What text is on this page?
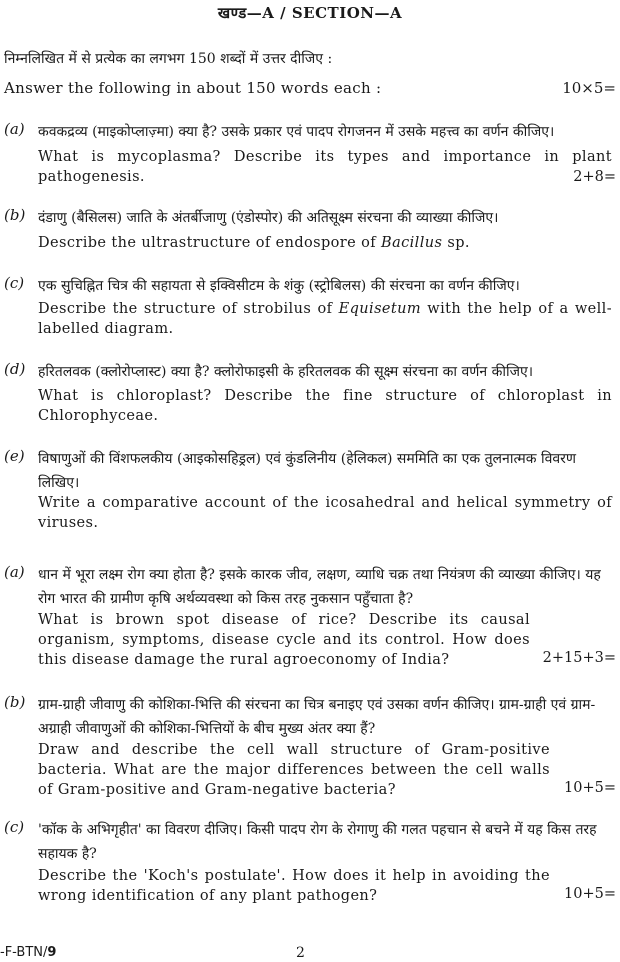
खण्ड—A / SECTION—A
निम्नलिखित में से प्रत्येक का लगभग 150 शब्दों में उत्तर दीजिए :
Answer the following in about 150 words each :	10×5=
(a) कवकद्रव्य (माइकोप्लाज़्मा) क्या है? उसके प्रकार एवं पादप रोगजनन में उसके महत्त्व का वर्णन कीजिए।
What is mycoplasma? Describe its types and importance in plant pathogenesis.	2+8=
(b) दंडाणु (बैसिलस) जाति के अंतर्बीजाणु (एंडोस्पोर) की अतिसूक्ष्म संरचना की व्याख्या कीजिए।
Describe the ultrastructure of endospore of Bacillus sp.
(c) एक सुचिह्नित चित्र की सहायता से इक्विसीटम के शंकु (स्ट्रोबिलस) की संरचना का वर्णन कीजिए।
Describe the structure of strobilus of Equisetum with the help of a well-labelled diagram.
(d) हरितलवक (क्लोरोप्लास्ट) क्या है? क्लोरोफाइसी के हरितलवक की सूक्ष्म संरचना का वर्णन कीजिए।
What is chloroplast? Describe the fine structure of chloroplast in Chlorophyceae.
(e) विषाणुओं की विंशफलकीय (आइकोसहिड्रल) एवं कुंडलिनीय (हेलिकल) सममिति का एक तुलनात्मक विवरण लिखिए।
Write a comparative account of the icosahedral and helical symmetry of viruses.
(a) धान में भूरा लक्ष्म रोग क्या होता है? इसके कारक जीव, लक्षण, व्याधि चक्र तथा नियंत्रण की व्याख्या कीजिए। यह रोग भारत की ग्रामीण कृषि अर्थव्यवस्था को किस तरह नुकसान पहुँचाता है?
What is brown spot disease of rice? Describe its causal organism, symptoms, disease cycle and its control. How does this disease damage the rural agroeconomy of India?	2+15+3=
(b) ग्राम-ग्राही जीवाणु की कोशिका-भित्ति की संरचना का चित्र बनाइए एवं उसका वर्णन कीजिए। ग्राम-ग्राही एवं ग्राम-अग्राही जीवाणुओं की कोशिका-भित्तियों के बीच मुख्य अंतर क्या हैं?
Draw and describe the cell wall structure of Gram-positive bacteria. What are the major differences between the cell walls of Gram-positive and Gram-negative bacteria?	10+5=
(c) 'कॉक के अभिगृहीत' का विवरण दीजिए। किसी पादप रोग के रोगाणु की गलत पहचान से बचने में यह किस तरह सहायक है?
Describe the 'Koch's postulate'. How does it help in avoiding the wrong identification of any plant pathogen?	10+5=
-F-BTN/9	2
